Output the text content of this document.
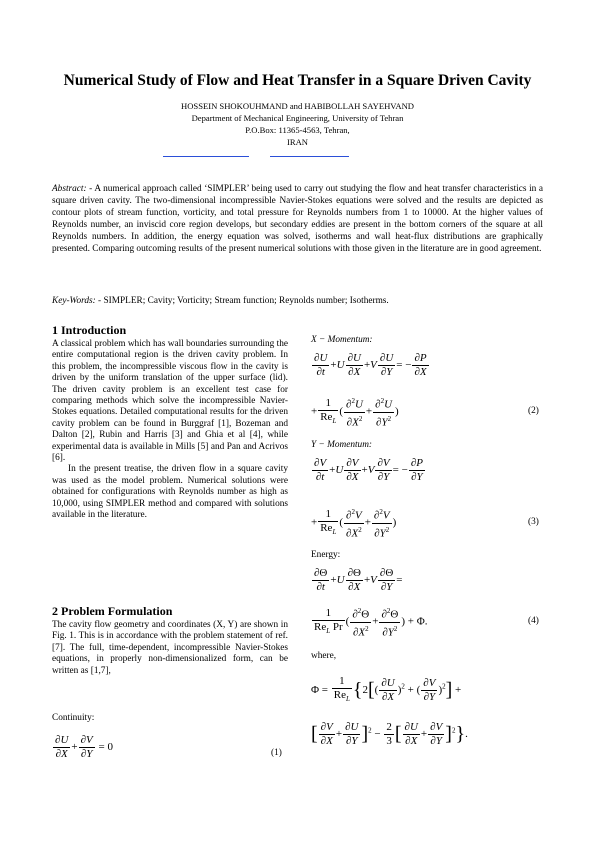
Numerical Study of Flow and Heat Transfer in a Square Driven Cavity
HOSSEIN SHOKOUHMAND and HABIBOLLAH SAYEHVAND
Department of Mechanical Engineering, University of Tehran
P.O.Box: 11365-4563, Tehran,
IRAN
Abstract: - A numerical approach called ‘SIMPLER’ being used to carry out studying the flow and heat transfer characteristics in a square driven cavity. The two-dimensional incompressible Navier-Stokes equations were solved and the results are depicted as contour plots of stream function, vorticity, and total pressure for Reynolds numbers from 1 to 10000. At the higher values of Reynolds number, an inviscid core region develops, but secondary eddies are present in the bottom corners of the square at all Reynolds numbers. In addition, the energy equation was solved, isotherms and wall heat-flux distributions are graphically presented. Comparing outcoming results of the present numerical solutions with those given in the literature are in good agreement.
Key-Words: - SIMPLER; Cavity; Vorticity; Stream function; Reynolds number; Isotherms.
1 Introduction

A classical problem which has wall boundaries surrounding the entire computational region is the driven cavity problem. In this problem, the incompressible viscous flow in the cavity is driven by the uniform translation of the upper surface (lid). The driven cavity problem is an excellent test case for comparing methods which solve the incompressible Navier-Stokes equations. Detailed computational results for the driven cavity problem can be found in Burggraf [1], Bozeman and Dalton [2], Rubin and Harris [3] and Ghia et al [4], while experimental data is available in Mills [5] and Pan and Acrivos [6].

In the present treatise, the driven flow in a square cavity was used as the model problem. Numerical solutions were obtained for configurations with Reynolds number as high as 10,000, using SIMPLER method and compared with solutions available in the literature.

2 Problem Formulation

The cavity flow geometry and coordinates (X, Y) are shown in Fig. 1. This is in accordance with the problem statement of ref. [7]. The full, time-dependent, incompressible Navier-Stokes equations, in properly non-dimensionalized form, can be written as [1,7],

Continuity:
$\frac{\partial U}{\partial X} + \frac{\partial V}{\partial Y} = 0$	(1)
X − Momentum:
$\frac{\partial U}{\partial t} +U \frac{\partial U}{\partial X} +V \frac{\partial U}{\partial Y}$ = − $\frac{\partial P}{\partial X}$
+ $\frac{1}{Re_L}$ ( $\frac{\partial^2U}{\partial X^2} + \frac{\partial^2U}{\partial Y^2}$ )	(2)
Y − Momentum:
$\frac{\partial V}{\partial t} +U \frac{\partial V}{\partial X} +V \frac{\partial V}{\partial Y}$ = − $\frac{\partial P}{\partial Y}$
+ $\frac{1}{Re_L}$ ( $\frac{\partial^2V}{\partial X^2} + \frac{\partial^2V}{\partial Y^2}$ )	(3)
Energy:
$\frac{\partial\Theta}{\partial t} +U \frac{\partial\Theta}{\partial X} +V \frac{\partial\Theta}{\partial Y}$ =
$\frac{1}{Re_L Pr}$ ( $\frac{\partial^2\Theta}{\partial X^2} + \frac{\partial^2\Theta}{\partial Y^2}$ ) + Φ.	(4)
where,
$\Phi = \frac{1}{Re_L} \{2[( \frac{\partial U}{\partial X} )^2$ + ( $\frac{\partial V}{\partial Y} )^2$] +
[ $\frac{\partial V}{\partial X} + \frac{\partial U}{\partial Y} ]^2 - \frac{2}{3}$ [ $\frac{\partial U}{\partial X} + \frac{\partial V}{\partial Y} ]^2$}.
